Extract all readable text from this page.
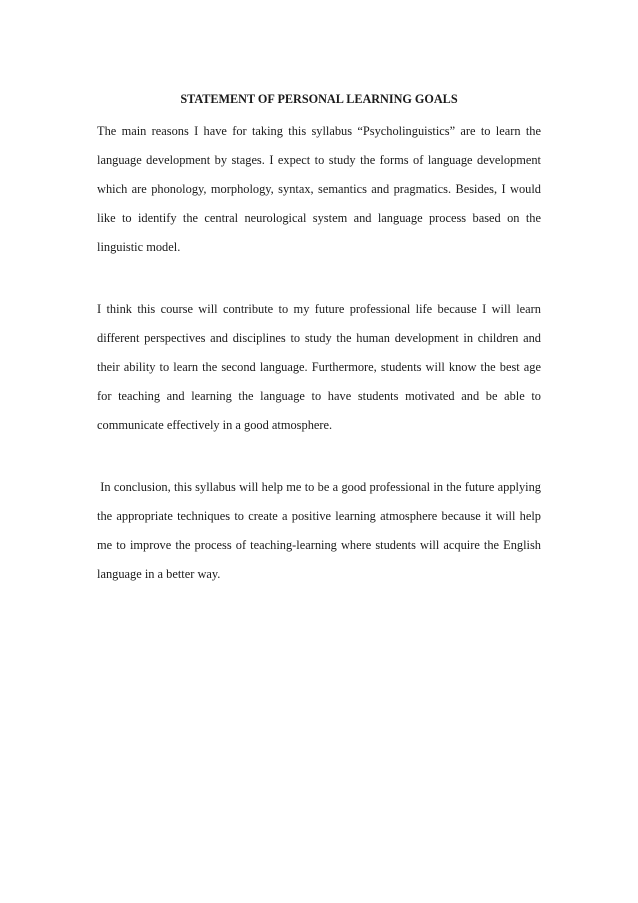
STATEMENT OF PERSONAL LEARNING GOALS

The main reasons I have for taking this syllabus “Psycholinguistics” are to learn the language development by stages. I expect to study the forms of language development which are phonology, morphology, syntax, semantics and pragmatics. Besides, I would like to identify the central neurological system and language process based on the linguistic model.

I think this course will contribute to my future professional life because I will learn different perspectives and disciplines to study the human development in children and their ability to learn the second language. Furthermore, students will know the best age for teaching and learning the language to have students motivated and be able to communicate effectively in a good atmosphere.

In conclusion, this syllabus will help me to be a good professional in the future applying the appropriate techniques to create a positive learning atmosphere because it will help me to improve the process of teaching-learning where students will acquire the English language in a better way.
